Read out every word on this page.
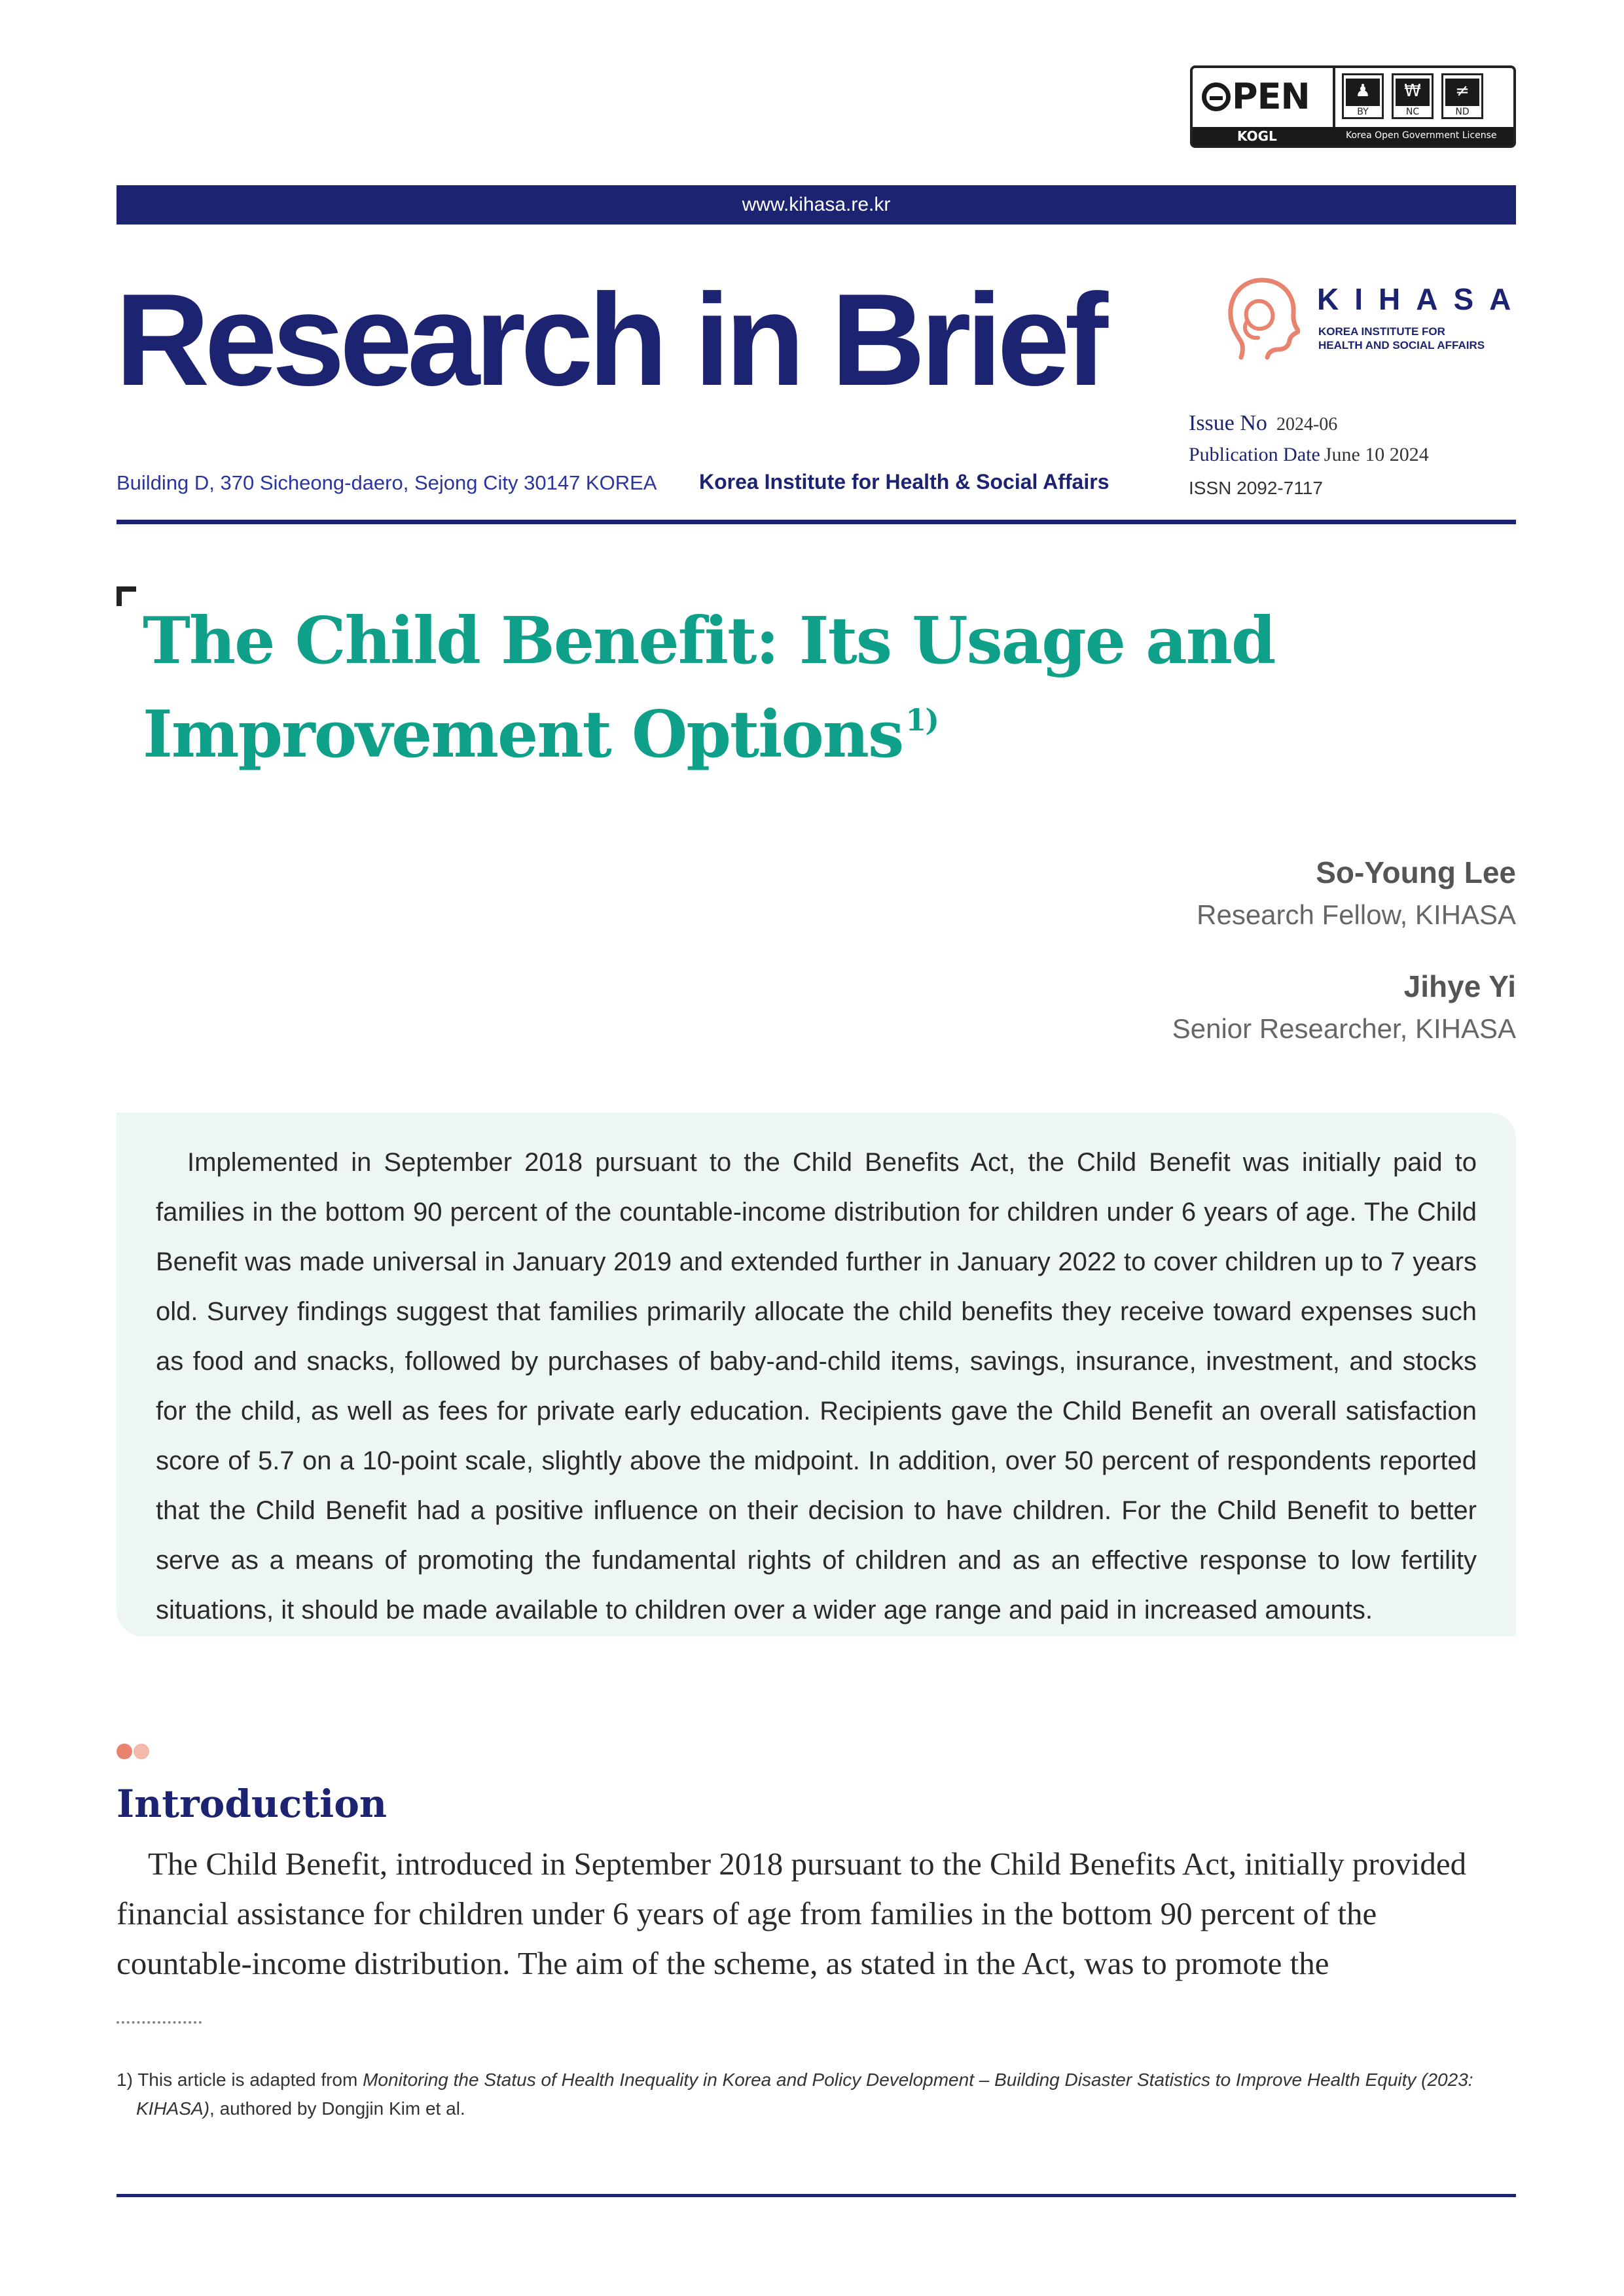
PEN	♟
BY
₩
NC
≠
ND
KOGL	Korea Open Government License
www.kihasa.re.kr
Research in Brief	KIHASA
KOREA INSTITUTE FOR
HEALTH AND SOCIAL AFFAIRS
Issue No 2024-06
Publication Date June 10 2024
ISSN 2092-7117
Building D, 370 Sicheong-daero, Sejong City 30147 KOREA Korea Institute for Health & Social Affairs
The Child Benefit: Its Usage and
Improvement Options$^{1)}$
So-Young Lee
Research Fellow, KIHASA
Jihye Yi
Senior Researcher, KIHASA

Implemented in September 2018 pursuant to the Child Benefits Act, the Child Benefit was initially paid to families in the bottom 90 percent of the countable-income distribution for children under 6 years of age. The Child Benefit was made universal in January 2019 and extended further in January 2022 to cover children up to 7 years old. Survey findings suggest that families primarily allocate the child benefits they receive toward expenses such as food and snacks, followed by purchases of baby-and-child items, savings, insurance, investment, and stocks for the child, as well as fees for private early education. Recipients gave the Child Benefit an overall satisfaction score of 5.7 on a 10-point scale, slightly above the midpoint. In addition, over 50 percent of respondents reported that the Child Benefit had a positive influence on their decision to have children. For the Child Benefit to better serve as a means of promoting the fundamental rights of children and as an effective response to low fertility situations, it should be made available to children over a wider age range and paid in increased amounts.

Introduction

The Child Benefit, introduced in September 2018 pursuant to the Child Benefits Act, initially provided financial assistance for children under 6 years of age from families in the bottom 90 percent of the countable-income distribution. The aim of the scheme, as stated in the Act, was to promote the

1) This article is adapted from Monitoring the Status of Health Inequality in Korea and Policy Development – Building Disaster Statistics to Improve Health Equity (2023:
KIHASA), authored by Dongjin Kim et al.
